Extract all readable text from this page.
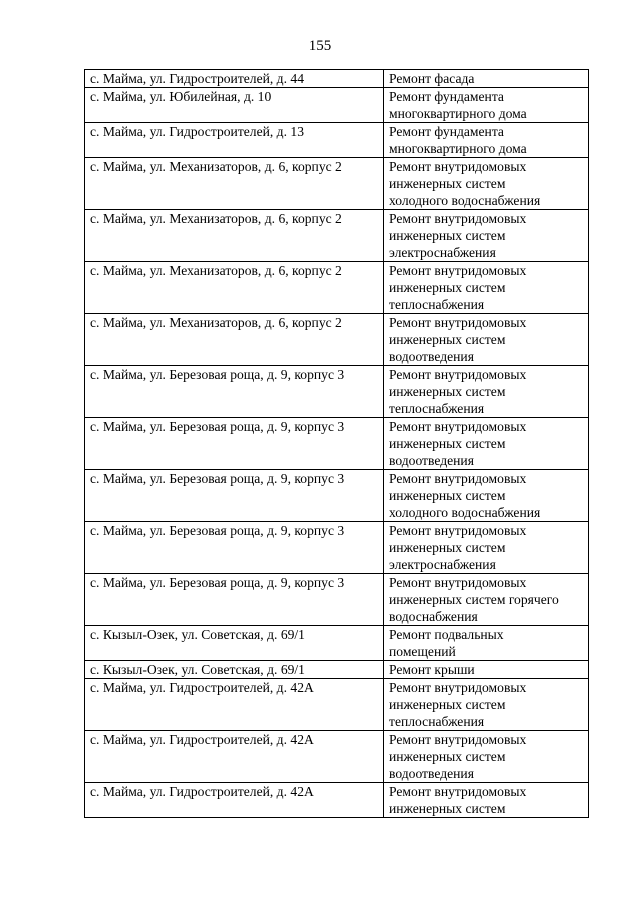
155
с. Майма, ул. Гидростроителей, д. 44	Ремонт фасада
с. Майма, ул. Юбилейная, д. 10	Ремонт фундамента
многоквартирного дома
с. Майма, ул. Гидростроителей, д. 13	Ремонт фундамента
многоквартирного дома
с. Майма, ул. Механизаторов, д. 6, корпус 2	Ремонт внутридомовых
инженерных систем
холодного водоснабжения
с. Майма, ул. Механизаторов, д. 6, корпус 2	Ремонт внутридомовых
инженерных систем
электроснабжения
с. Майма, ул. Механизаторов, д. 6, корпус 2	Ремонт внутридомовых
инженерных систем
теплоснабжения
с. Майма, ул. Механизаторов, д. 6, корпус 2	Ремонт внутридомовых
инженерных систем
водоотведения
с. Майма, ул. Березовая роща, д. 9, корпус 3	Ремонт внутридомовых
инженерных систем
теплоснабжения
с. Майма, ул. Березовая роща, д. 9, корпус 3	Ремонт внутридомовых
инженерных систем
водоотведения
с. Майма, ул. Березовая роща, д. 9, корпус 3	Ремонт внутридомовых
инженерных систем
холодного водоснабжения
с. Майма, ул. Березовая роща, д. 9, корпус 3	Ремонт внутридомовых
инженерных систем
электроснабжения
с. Майма, ул. Березовая роща, д. 9, корпус 3	Ремонт внутридомовых
инженерных систем горячего
водоснабжения
с. Кызыл-Озек, ул. Советская, д. 69/1	Ремонт подвальных
помещений
с. Кызыл-Озек, ул. Советская, д. 69/1	Ремонт крыши
с. Майма, ул. Гидростроителей, д. 42А	Ремонт внутридомовых
инженерных систем
теплоснабжения
с. Майма, ул. Гидростроителей, д. 42А	Ремонт внутридомовых
инженерных систем
водоотведения
с. Майма, ул. Гидростроителей, д. 42А	Ремонт внутридомовых
инженерных систем
